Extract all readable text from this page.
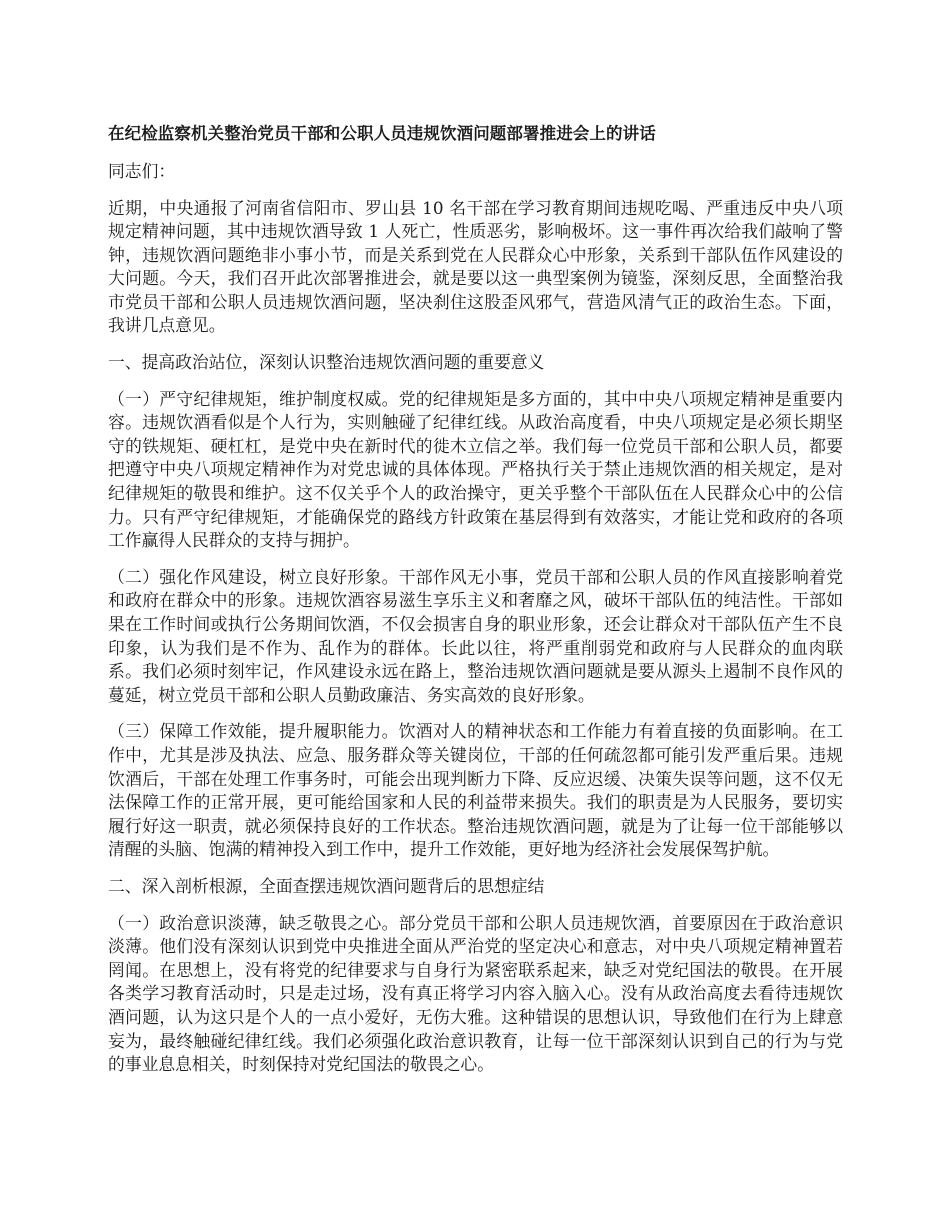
在纪检监察机关整治党员干部和公职人员违规饮酒问题部署推进会上的讲话

同志们：

近期，中央通报了河南省信阳市、罗山县 10 名干部在学习教育期间违规吃喝、严重违反中央八项规定精神问题，其中违规饮酒导致 1 人死亡，性质恶劣，影响极坏。这一事件再次给我们敲响了警钟，违规饮酒问题绝非小事小节，而是关系到党在人民群众心中形象，关系到干部队伍作风建设的大问题。今天，我们召开此次部署推进会，就是要以这一典型案例为镜鉴，深刻反思，全面整治我市党员干部和公职人员违规饮酒问题，坚决刹住这股歪风邪气，营造风清气正的政治生态。下面，我讲几点意见。

一、提高政治站位，深刻认识整治违规饮酒问题的重要意义

（一）严守纪律规矩，维护制度权威。党的纪律规矩是多方面的，其中中央八项规定精神是重要内容。违规饮酒看似是个人行为，实则触碰了纪律红线。从政治高度看，中央八项规定是必须长期坚守的铁规矩、硬杠杠，是党中央在新时代的徙木立信之举。我们每一位党员干部和公职人员，都要把遵守中央八项规定精神作为对党忠诚的具体体现。严格执行关于禁止违规饮酒的相关规定，是对纪律规矩的敬畏和维护。这不仅关乎个人的政治操守，更关乎整个干部队伍在人民群众心中的公信力。只有严守纪律规矩，才能确保党的路线方针政策在基层得到有效落实，才能让党和政府的各项工作赢得人民群众的支持与拥护。

（二）强化作风建设，树立良好形象。干部作风无小事，党员干部和公职人员的作风直接影响着党和政府在群众中的形象。违规饮酒容易滋生享乐主义和奢靡之风，破坏干部队伍的纯洁性。干部如果在工作时间或执行公务期间饮酒，不仅会损害自身的职业形象，还会让群众对干部队伍产生不良印象，认为我们是不作为、乱作为的群体。长此以往，将严重削弱党和政府与人民群众的血肉联系。我们必须时刻牢记，作风建设永远在路上，整治违规饮酒问题就是要从源头上遏制不良作风的蔓延，树立党员干部和公职人员勤政廉洁、务实高效的良好形象。

（三）保障工作效能，提升履职能力。饮酒对人的精神状态和工作能力有着直接的负面影响。在工作中，尤其是涉及执法、应急、服务群众等关键岗位，干部的任何疏忽都可能引发严重后果。违规饮酒后，干部在处理工作事务时，可能会出现判断力下降、反应迟缓、决策失误等问题，这不仅无法保障工作的正常开展，更可能给国家和人民的利益带来损失。我们的职责是为人民服务，要切实履行好这一职责，就必须保持良好的工作状态。整治违规饮酒问题，就是为了让每一位干部能够以清醒的头脑、饱满的精神投入到工作中，提升工作效能，更好地为经济社会发展保驾护航。

二、深入剖析根源，全面查摆违规饮酒问题背后的思想症结

（一）政治意识淡薄，缺乏敬畏之心。部分党员干部和公职人员违规饮酒，首要原因在于政治意识淡薄。他们没有深刻认识到党中央推进全面从严治党的坚定决心和意志，对中央八项规定精神置若罔闻。在思想上，没有将党的纪律要求与自身行为紧密联系起来，缺乏对党纪国法的敬畏。在开展各类学习教育活动时，只是走过场，没有真正将学习内容入脑入心。没有从政治高度去看待违规饮酒问题，认为这只是个人的一点小爱好，无伤大雅。这种错误的思想认识，导致他们在行为上肆意妄为，最终触碰纪律红线。我们必须强化政治意识教育，让每一位干部深刻认识到自己的行为与党的事业息息相关，时刻保持对党纪国法的敬畏之心。
